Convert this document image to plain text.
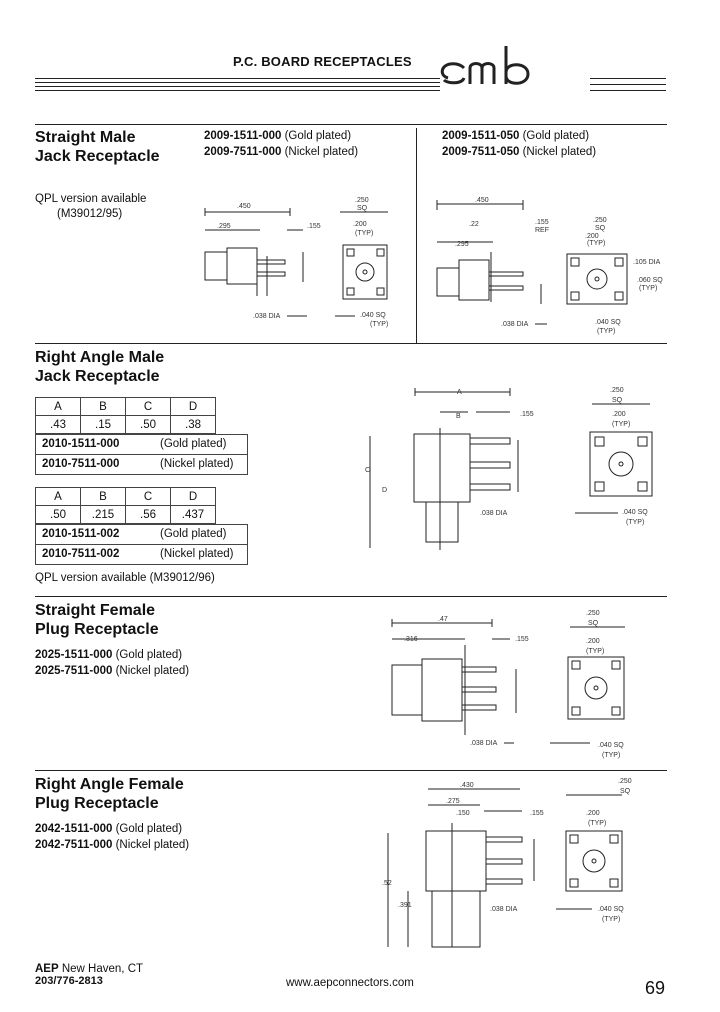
P.C. BOARD RECEPTACLES
Straight Male
Jack Receptacle
2009-1511-000 (Gold plated)
2009-7511-000 (Nickel plated)
2009-1511-050 (Gold plated)
2009-7511-050 (Nickel plated)
QPL version available
(M39012/95)
.450
.295	.155
.038 DIA
.250
SQ
.200
(TYP)
.040 SQ
(TYP)
.450
.22
.295
.155
REF
.038 DIA
.250
SQ
.200
(TYP)
.105 DIA
.060 SQ
(TYP)
.040 SQ
(TYP)
Right Angle Male
Jack Receptacle
A	B	C	D
.43	.15	.50	.38
2010-1511-000	(Gold plated)
2010-7511-000	(Nickel plated)
A	B	C	D
.50	.215	.56	.437
2010-1511-002	(Gold plated)
2010-7511-002	(Nickel plated)
QPL version available (M39012/96)
A
B	.155
C
D
.038 DIA
.250
SQ
.200
(TYP)
.040 SQ
(TYP)
Straight Female
Plug Receptacle
2025-1511-000 (Gold plated)
2025-7511-000 (Nickel plated)
.47
.316	.155
.038 DIA
.250
SQ
.200
(TYP)
.040 SQ
(TYP)
Right Angle Female
Plug Receptacle
2042-1511-000 (Gold plated)
2042-7511-000 (Nickel plated)
.430
.275
.150	.155
.52
.391
.038 DIA
.250
SQ
.200
(TYP)
.040 SQ
(TYP)
AEP New Haven, CT
203/776-2813	www.aepconnectors.com	69
